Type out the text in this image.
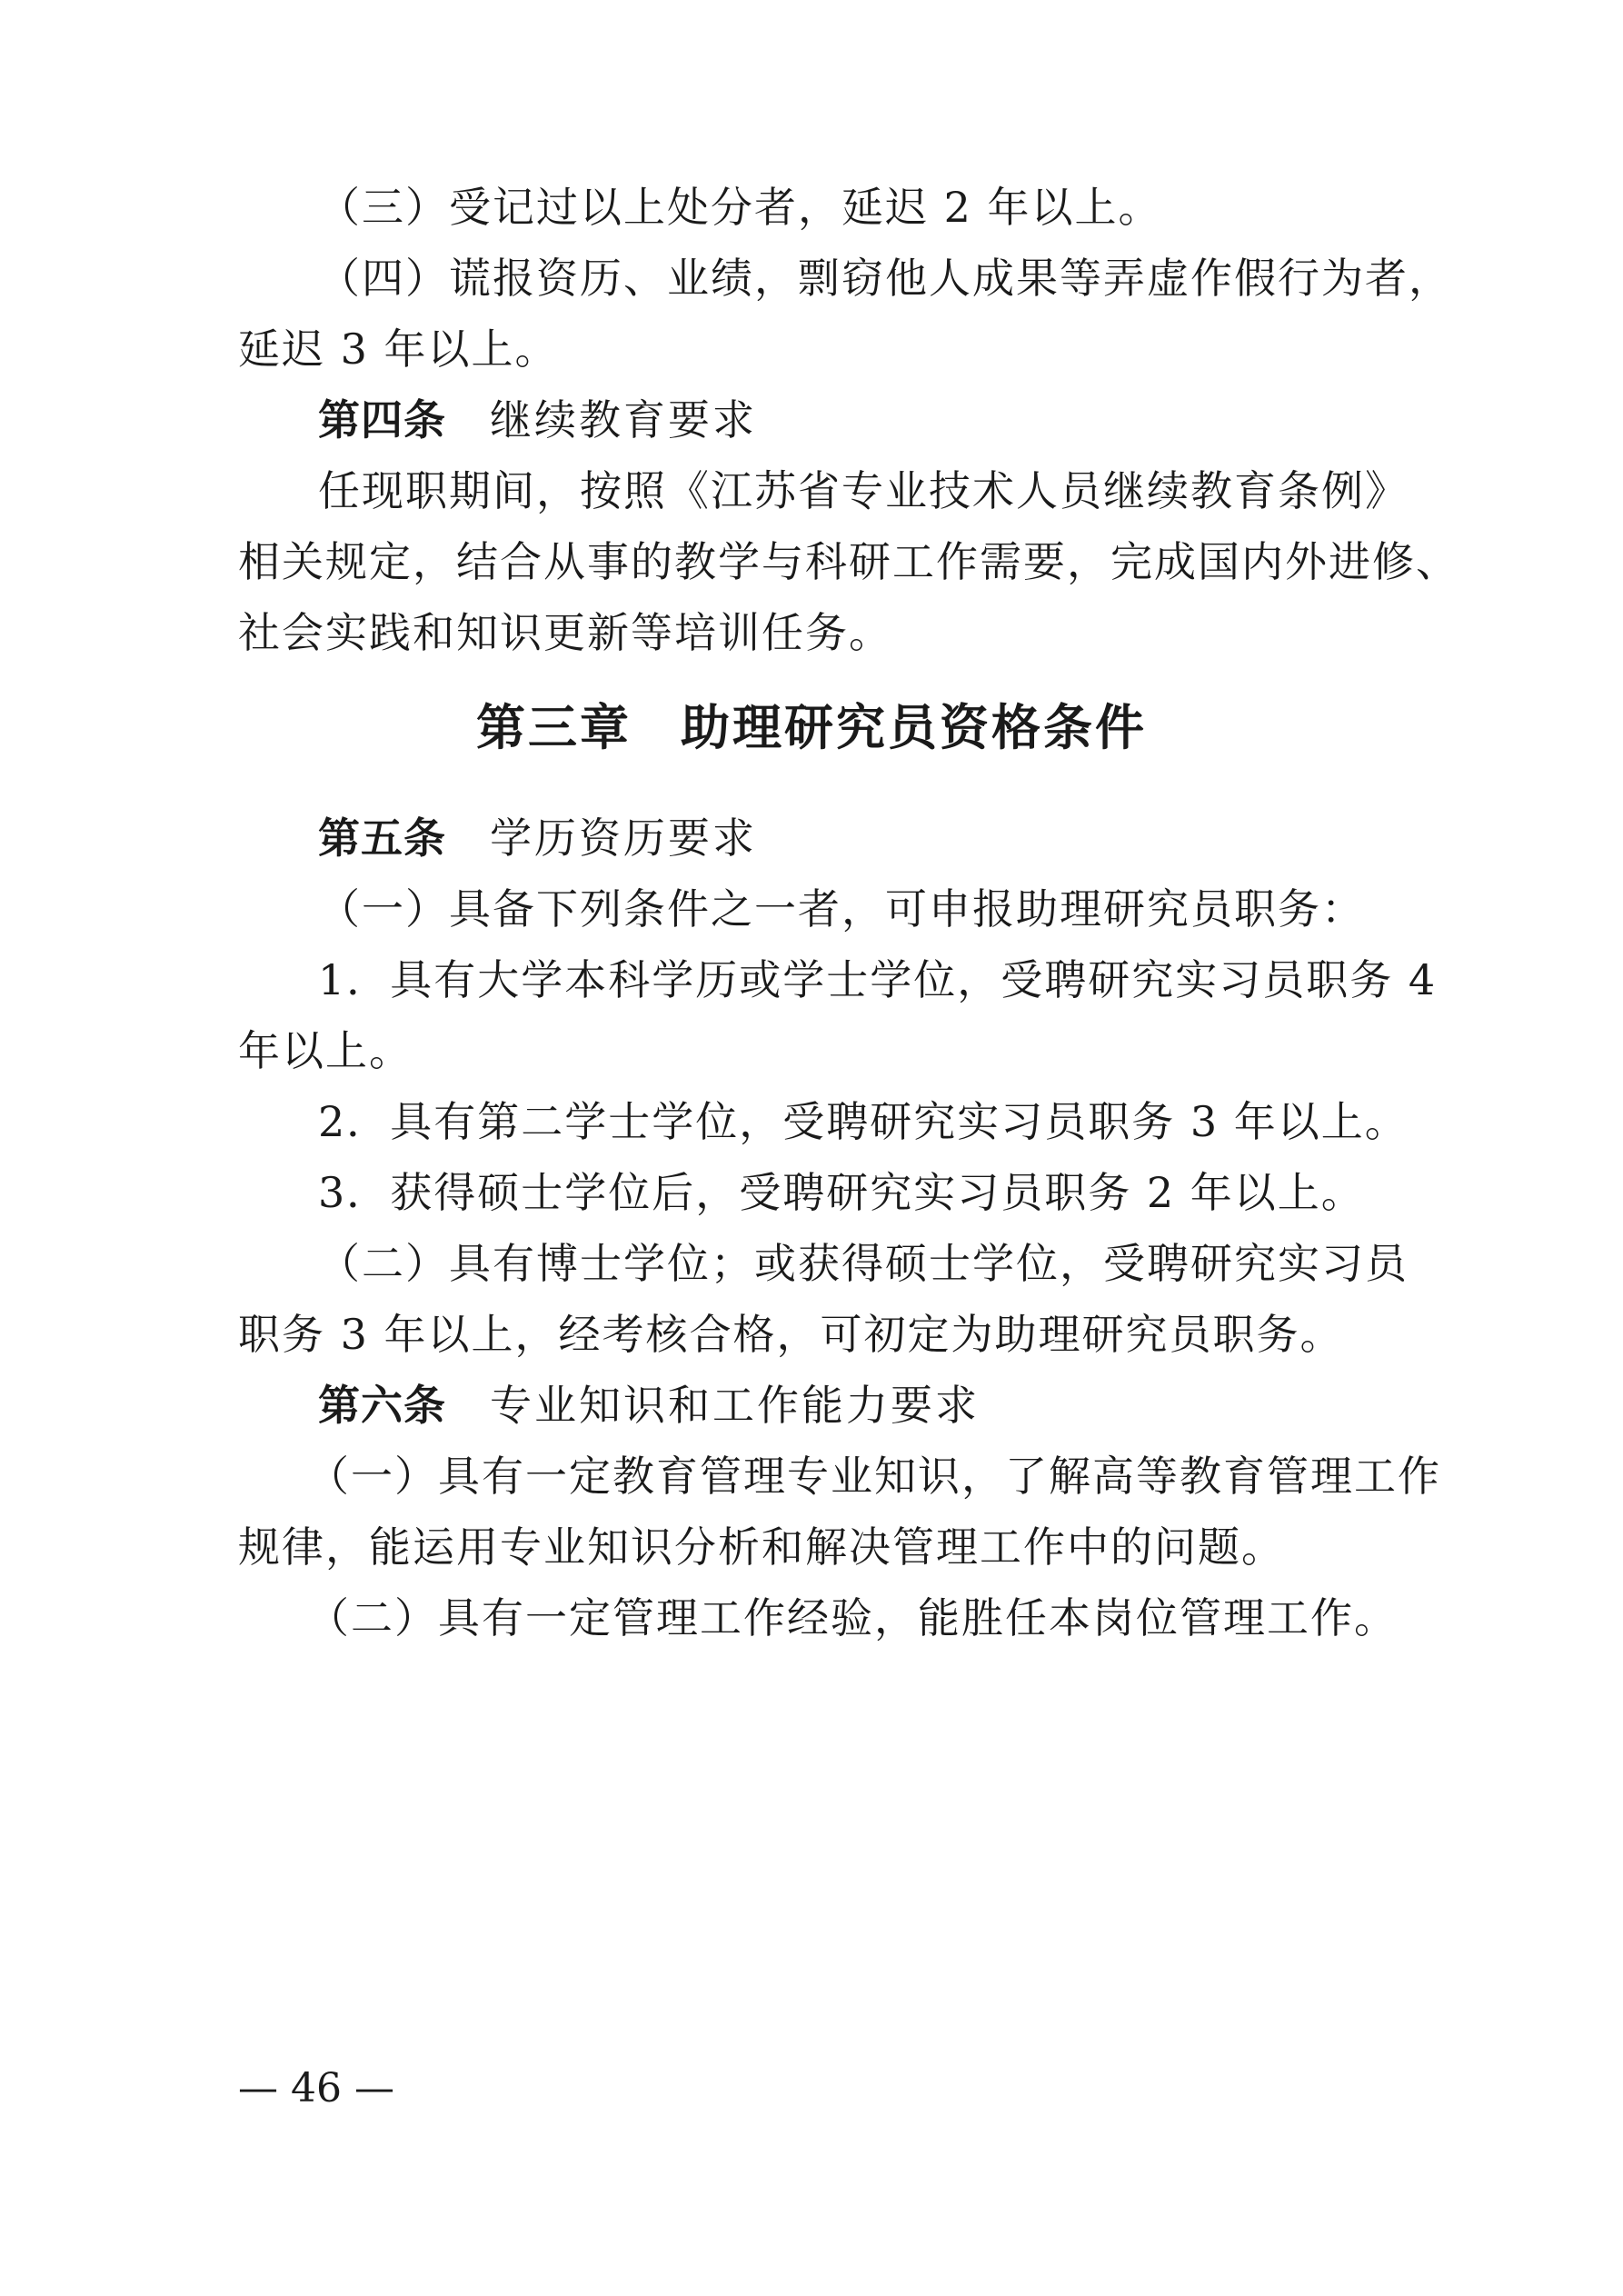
（三）受记过以上处分者，延迟 2 年以上。
（四）谎报资历、业绩，剽窃他人成果等弄虚作假行为者，
延迟 3 年以上。
第四条 继续教育要求
任现职期间，按照《江苏省专业技术人员继续教育条例》
相关规定，结合从事的教学与科研工作需要，完成国内外进修、
社会实践和知识更新等培训任务。
第三章 助理研究员资格条件
第五条 学历资历要求
（一）具备下列条件之一者，可申报助理研究员职务：
1．具有大学本科学历或学士学位，受聘研究实习员职务 4
年以上。
2．具有第二学士学位，受聘研究实习员职务 3 年以上。
3．获得硕士学位后，受聘研究实习员职务 2 年以上。
（二）具有博士学位；或获得硕士学位，受聘研究实习员
职务 3 年以上，经考核合格，可初定为助理研究员职务。
第六条 专业知识和工作能力要求
（一）具有一定教育管理专业知识，了解高等教育管理工作
规律，能运用专业知识分析和解决管理工作中的问题。
（二）具有一定管理工作经验，能胜任本岗位管理工作。
— 46 —
